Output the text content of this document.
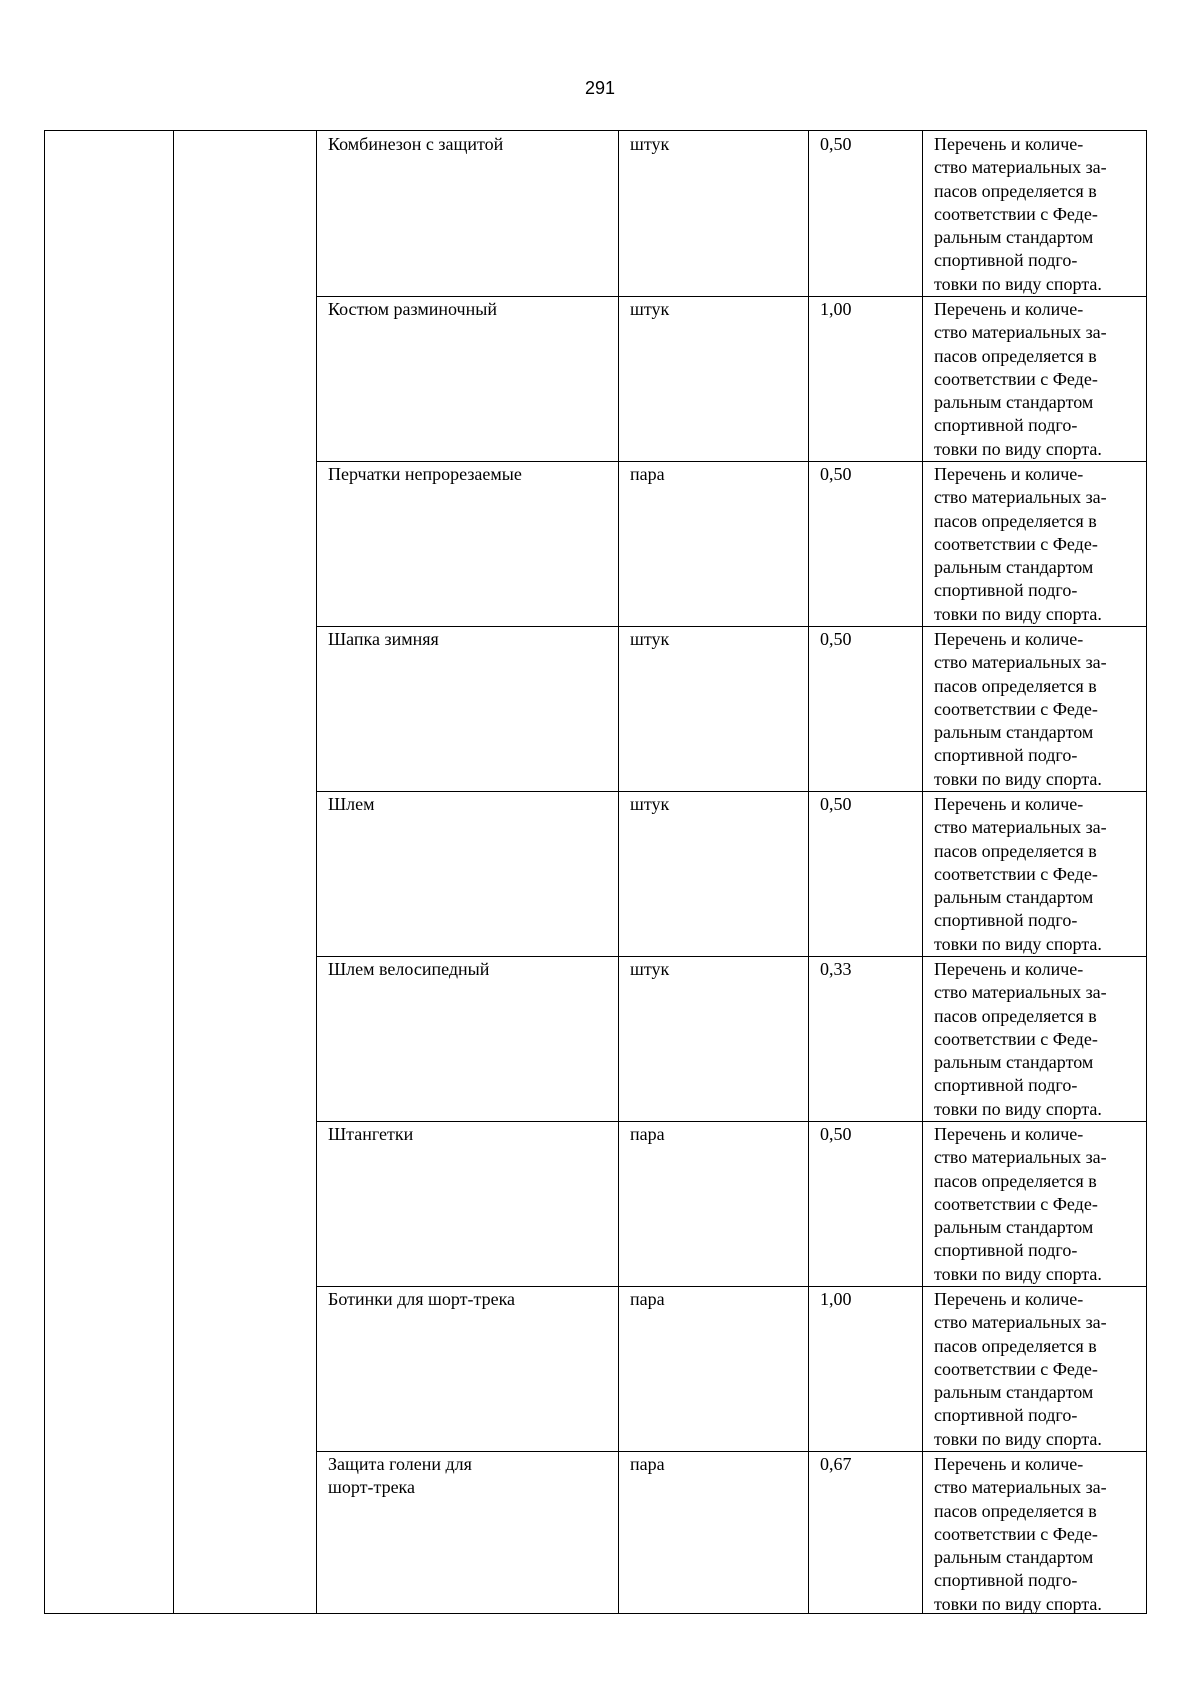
291
Комбинезон с защитой	штук	0,50	Перечень и количе-
ство материальных за-
пасов определяется в
соответствии с Феде-
ральным стандартом
спортивной подго-
товки по виду спорта.
Костюм разминочный	штук	1,00	Перечень и количе-
ство материальных за-
пасов определяется в
соответствии с Феде-
ральным стандартом
спортивной подго-
товки по виду спорта.
Перчатки непрорезаемые	пара	0,50	Перечень и количе-
ство материальных за-
пасов определяется в
соответствии с Феде-
ральным стандартом
спортивной подго-
товки по виду спорта.
Шапка зимняя	штук	0,50	Перечень и количе-
ство материальных за-
пасов определяется в
соответствии с Феде-
ральным стандартом
спортивной подго-
товки по виду спорта.
Шлем	штук	0,50	Перечень и количе-
ство материальных за-
пасов определяется в
соответствии с Феде-
ральным стандартом
спортивной подго-
товки по виду спорта.
Шлем велосипедный	штук	0,33	Перечень и количе-
ство материальных за-
пасов определяется в
соответствии с Феде-
ральным стандартом
спортивной подго-
товки по виду спорта.
Штангетки	пара	0,50	Перечень и количе-
ство материальных за-
пасов определяется в
соответствии с Феде-
ральным стандартом
спортивной подго-
товки по виду спорта.
Ботинки для шорт-трека	пара	1,00	Перечень и количе-
ство материальных за-
пасов определяется в
соответствии с Феде-
ральным стандартом
спортивной подго-
товки по виду спорта.
Защита голени для
шорт-трека
пара	0,67	Перечень и количе-
ство материальных за-
пасов определяется в
соответствии с Феде-
ральным стандартом
спортивной подго-
товки по виду спорта.
